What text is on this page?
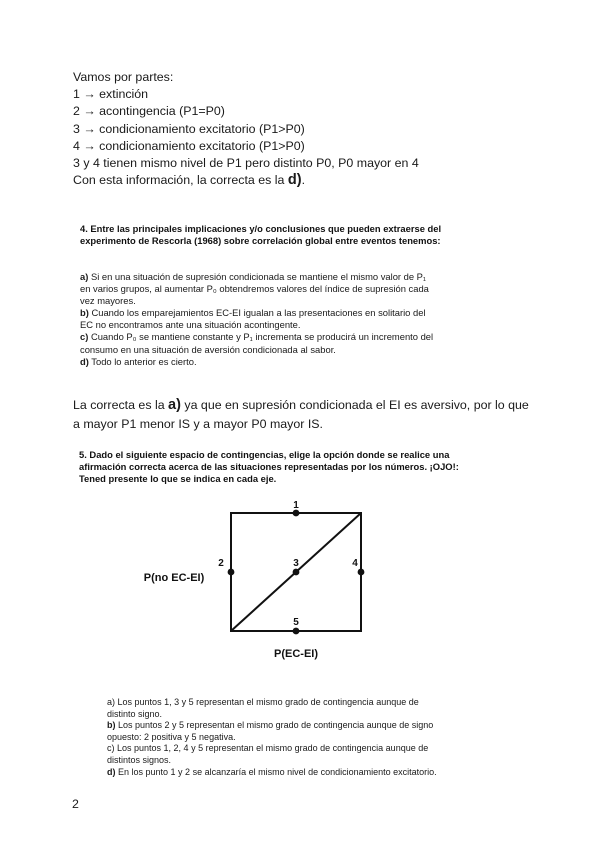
Vamos por partes:
1 → extinción
2 → acontingencia (P1=P0)
3 → condicionamiento excitatorio (P1>P0)
4 → condicionamiento excitatorio (P1>P0)
3 y 4 tienen mismo nivel de P1 pero distinto P0, P0 mayor en 4
Con esta información, la correcta es la d).
4. Entre las principales implicaciones y/o conclusiones que pueden extraerse del
experimento de Rescorla (1968) sobre correlación global entre eventos tenemos:
a) Si en una situación de supresión condicionada se mantiene el mismo valor de P₁
en varios grupos, al aumentar P₀ obtendremos valores del índice de supresión cada
vez mayores.
b) Cuando los emparejamientos EC-EI igualan a las presentaciones en solitario del
EC no encontramos ante una situación acontingente.
c) Cuando P₀ se mantiene constante y P₁ incrementa se producirá un incremento del
consumo en una situación de aversión condicionada al sabor.
d) Todo lo anterior es cierto.
La correcta es la a) ya que en supresión condicionada el EI es aversivo, por lo que
a mayor P1 menor IS y a mayor P0 mayor IS.
5. Dado el siguiente espacio de contingencias, elige la opción donde se realice una
afirmación correcta acerca de las situaciones representadas por los números. ¡OJO!:
Tened presente lo que se indica en cada eje.
1
2	3	4
5
P(no EC-EI)
P(EC-EI)
a) Los puntos 1, 3 y 5 representan el mismo grado de contingencia aunque de
distinto signo.
b) Los puntos 2 y 5 representan el mismo grado de contingencia aunque de signo
opuesto: 2 positiva y 5 negativa.
c) Los puntos 1, 2, 4 y 5 representan el mismo grado de contingencia aunque de
distintos signos.
d) En los punto 1 y 2 se alcanzaría el mismo nivel de condicionamiento excitatorio.
2
